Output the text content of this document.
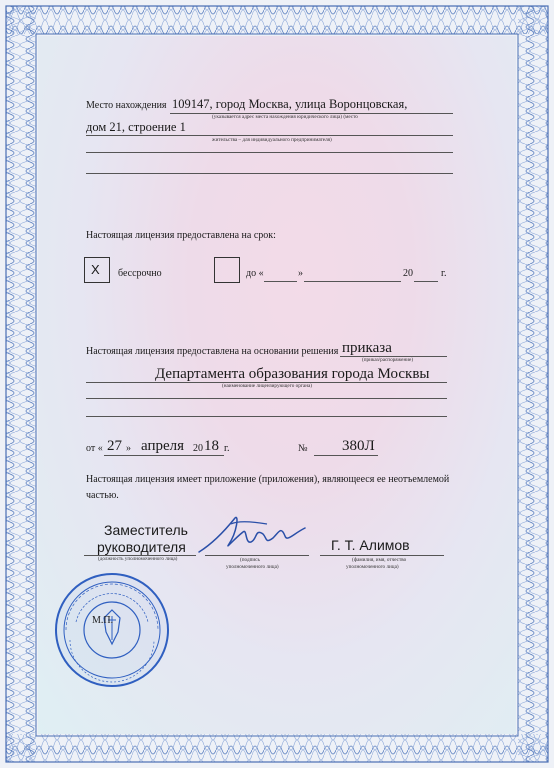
Место нахождения 109147, город Москва, улица Воронцовская,
(указывается адрес места нахождения юридического лица) (место
дом 21, строение 1
жительства – для индивидуального предпринимателя)
Настоящая лицензия предоставлена на срок:
X бессрочно	до «	»	20	г.
Настоящая лицензия предоставлена на основании решения приказа
(приказ/распоряжение)
Департамента образования города Москвы
(наименование лицензирующего органа)
от « 27 » апреля 20 18 г.	№ 380Л
Настоящая лицензия имеет приложение (приложения), являющееся ее неотъемлемой
частью.
Заместитель
руководителя
(должность уполномоченного лица)	(подпись
уполномоченного лица)
Г. Т. Алимов
(фамилия, имя, отчество
уполномоченного лица)
М.П.
